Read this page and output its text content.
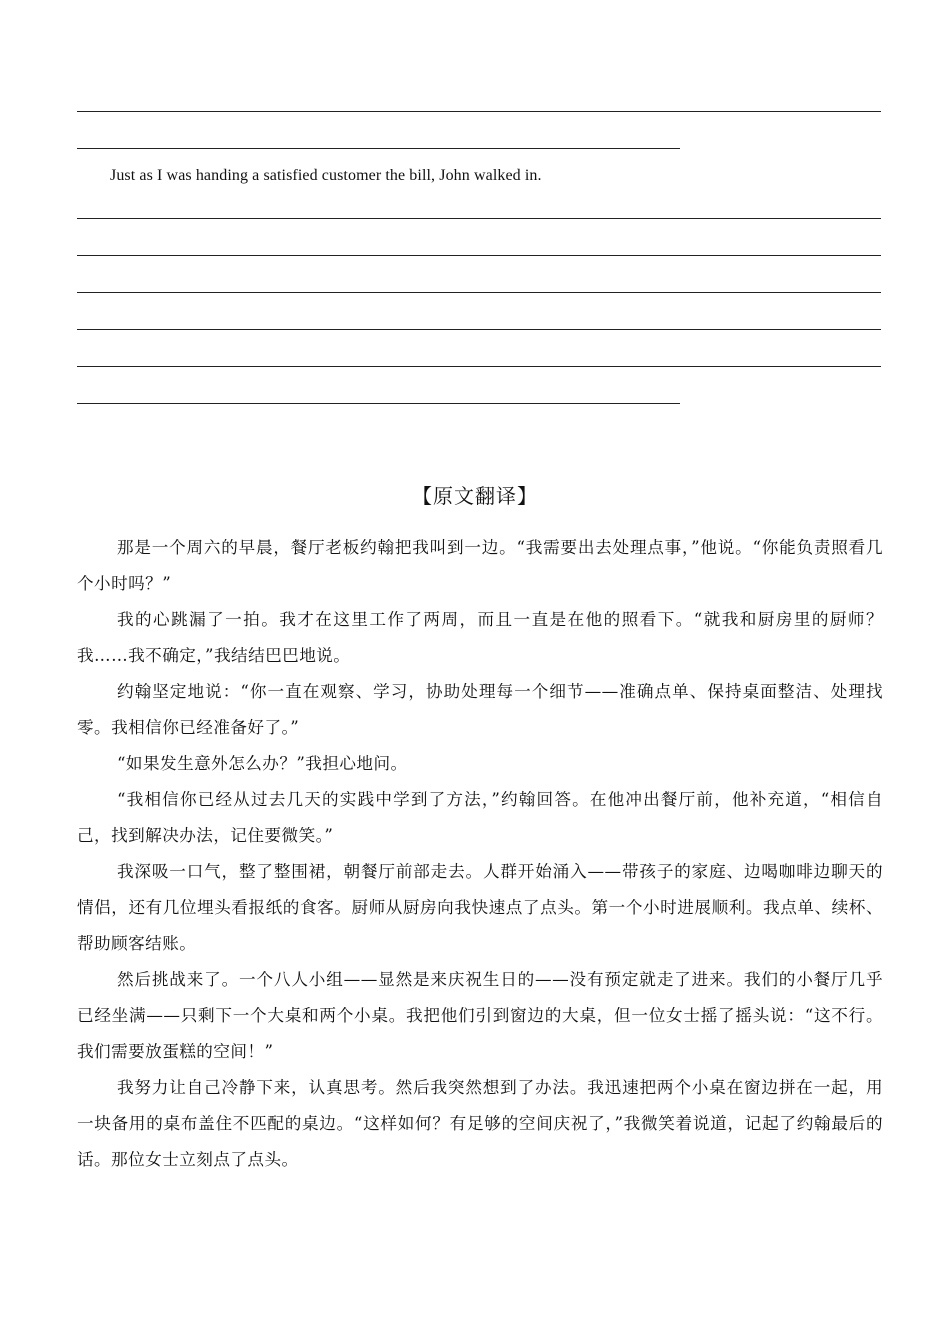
Just as I was handing a satisfied customer the bill, John walked in.
【原文翻译】

那是一个周六的早晨，餐厅老板约翰把我叫到一边。“我需要出去处理点事，”他说。“你能负责照看几个小时吗？”

我的心跳漏了一拍。我才在这里工作了两周，而且一直是在他的照看下。“就我和厨房里的厨师？我……我不确定，”我结结巴巴地说。

约翰坚定地说：“你一直在观察、学习，协助处理每一个细节——准确点单、保持桌面整洁、处理找零。我相信你已经准备好了。”

“如果发生意外怎么办？”我担心地问。

“我相信你已经从过去几天的实践中学到了方法，”约翰回答。在他冲出餐厅前，他补充道，“相信自己，找到解决办法，记住要微笑。”

我深吸一口气，整了整围裙，朝餐厅前部走去。人群开始涌入——带孩子的家庭、边喝咖啡边聊天的情侣，还有几位埋头看报纸的食客。厨师从厨房向我快速点了点头。第一个小时进展顺利。我点单、续杯、帮助顾客结账。

然后挑战来了。一个八人小组——显然是来庆祝生日的——没有预定就走了进来。我们的小餐厅几乎已经坐满——只剩下一个大桌和两个小桌。我把他们引到窗边的大桌，但一位女士摇了摇头说：“这不行。我们需要放蛋糕的空间！”

我努力让自己冷静下来，认真思考。然后我突然想到了办法。我迅速把两个小桌在窗边拼在一起，用一块备用的桌布盖住不匹配的桌边。“这样如何？有足够的空间庆祝了，”我微笑着说道，记起了约翰最后的话。那位女士立刻点了点头。
